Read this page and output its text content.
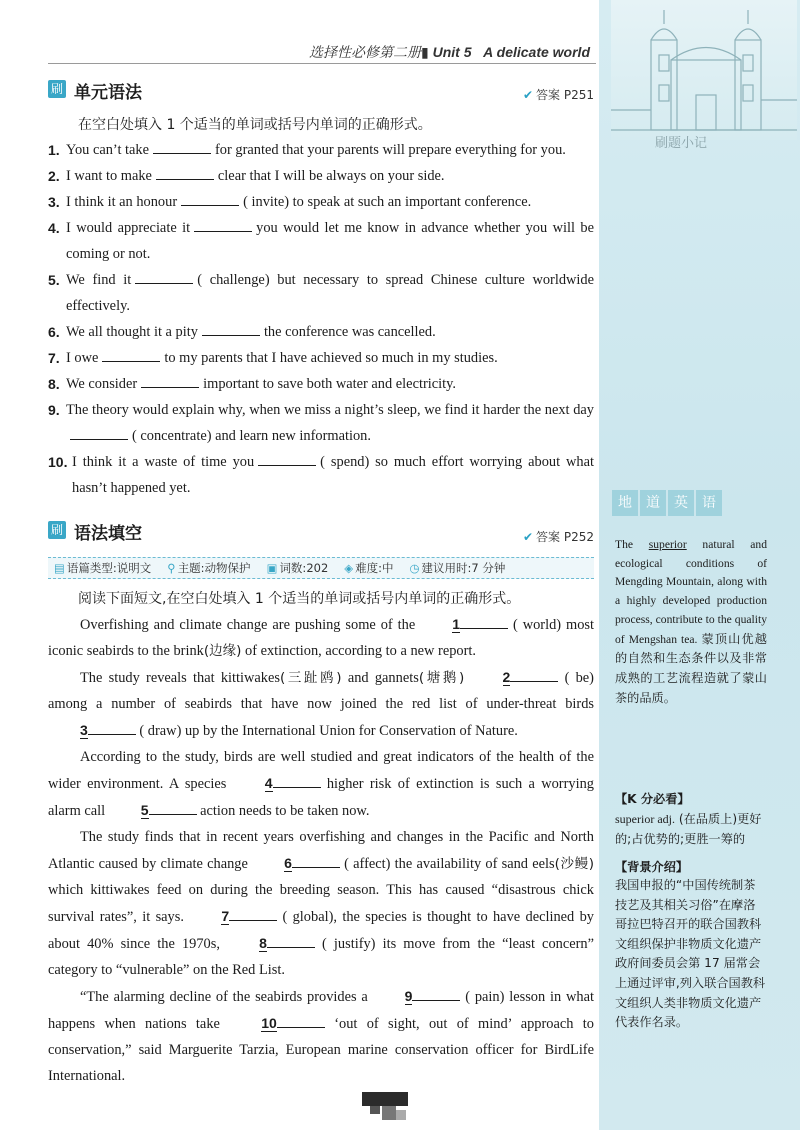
选择性必修第二册▮ Unit 5 A delicate world
刷题小记
地	道	英	语
The superior natural and ecological conditions of Mengding Mountain, along with a highly developed production process, contribute to the quality of Mengshan tea. 蒙顶山优越的自然和生态条件以及非常成熟的工艺流程造就了蒙山茶的品质。
【K 分必看】
superior adj. (在品质上)更好的;占优势的;更胜一筹的
【背景介绍】
我国申报的“中国传统制茶技艺及其相关习俗”在摩洛哥拉巴特召开的联合国教科文组织保护非物质文化遗产政府间委员会第 17 届常会上通过评审,列入联合国教科文组织人类非物质文化遗产代表作名录。
刷 单元语法	✔ 答案 P251
在空白处填入 1 个适当的单词或括号内单词的正确形式。
1. You can’t take	for granted that your parents will prepare everything for you.
2. I want to make	clear that I will be always on your side.
3. I think it an honour	( invite) to speak at such an important conference.
4. I would appreciate it	you would let me know in advance whether you will be coming or not.
5. We find it	( challenge) but necessary to spread Chinese culture worldwide effectively.
6. We all thought it a pity	the conference was cancelled.
7. I owe	to my parents that I have achieved so much in my studies.
8. We consider	important to save both water and electricity.
9. The theory would explain why, when we miss a night’s sleep, we find it harder the next day( concentrate) and learn new information.
10. I think it a waste of time you	( spend) so much effort worrying about what hasn’t happened yet.
刷 语法填空	✔ 答案 P252
▤ 语篇类型:说明文 ⚲ 主题:动物保护 ▣ 词数:202 ◈ 难度:中 ◷ 建议用时:7 分钟
阅读下面短文,在空白处填入 1 个适当的单词或括号内单词的正确形式。

Overfishing and climate change are pushing some of the	1	( world) most iconic seabirds to the brink(边缘) of extinction, according to a new report.

The study reveals that kittiwakes(三趾鸥) and gannets(塘鹅)	2	( be) among a number of seabirds that have now joined the red list of under-threat birds 3	( draw) up by the International Union for Conservation of Nature.

According to the study, birds are well studied and great indicators of the health of the wider environment. A species	4	higher risk of extinction is such a worrying alarm call	5	action needs to be taken now.

The study finds that in recent years overfishing and changes in the Pacific and North Atlantic caused by climate change	6	( affect) the availability of sand eels(沙鳗) which kittiwakes feed on during the breeding season. This has caused “disastrous chick survival rates”, it says.	7	( global), the species is thought to have declined by about 40% since the 1970s,	8	( justify) its move from the “least concern” category to “vulnerable” on the Red List.

“The alarming decline of the seabirds provides a	9	( pain) lesson in what happens when nations take	10	‘out of sight, out of mind’ approach to conservation,” said Marguerite Tarzia, European marine conservation officer for BirdLife International.

149
